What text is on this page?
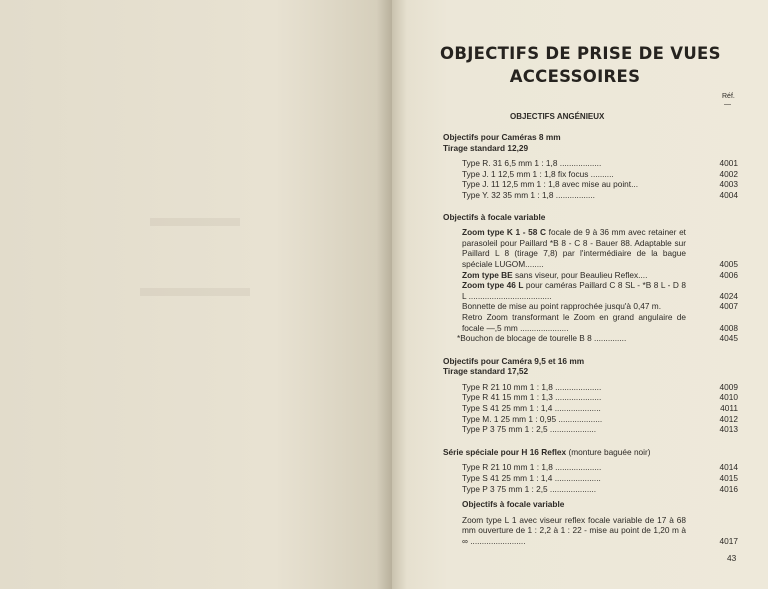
OBJECTIFS DE PRISE DE VUES
ACCESSOIRES
Réf.
—
OBJECTIFS ANGÉNIEUX
Objectifs pour Caméras 8 mm
Tirage standard 12,29
Type R. 31 6,5 mm 1 : 1,8 ..................	4001
Type J. 1 12,5 mm 1 : 1,8 fix focus ..........	4002
Type J. 11 12,5 mm 1 : 1,8 avec mise au point...	4003
Type Y. 32 35 mm 1 : 1,8 .................	4004
Objectifs à focale variable
Zoom type K 1 - 58 C focale de 9 à 36 mm avec retainer et parasoleil pour Paillard *B 8 - C 8 - Bauer 88. Adaptable sur Paillard L 8 (tirage 7,8) par l'intermédiaire de la bague spéciale LUGOM........	4005
Zom type BE sans viseur, pour Beaulieu Reflex....	4006
Zoom type 46 L pour caméras Paillard C 8 SL - *B 8 L - D 8 L ....................................	4024
Bonnette de mise au point rapprochée jusqu'à 0,47 m.	4007
Retro Zoom transformant le Zoom en grand angulaire de focale —,5 mm .....................	4008
*Bouchon de blocage de tourelle B 8 ..............	4045
Objectifs pour Caméra 9,5 et 16 mm
Tirage standard 17,52
Type R 21 10 mm 1 : 1,8 ....................	4009
Type R 41 15 mm 1 : 1,3 ....................	4010
Type S 41 25 mm 1 : 1,4 ....................	4011
Type M. 1 25 mm 1 : 0,95 ...................	4012
Type P 3 75 mm 1 : 2,5 ....................	4013
Série spéciale pour H 16 Reflex (monture baguée noir)
Type R 21 10 mm 1 : 1,8 ....................	4014
Type S 41 25 mm 1 : 1,4 ....................	4015
Type P 3 75 mm 1 : 2,5 ....................	4016
Objectifs à focale variable
Zoom type L 1 avec viseur reflex focale variable de 17 à 68 mm ouverture de 1 : 2,2 à 1 : 22 - mise au point de 1,20 m à ∞ ........................	4017
43
